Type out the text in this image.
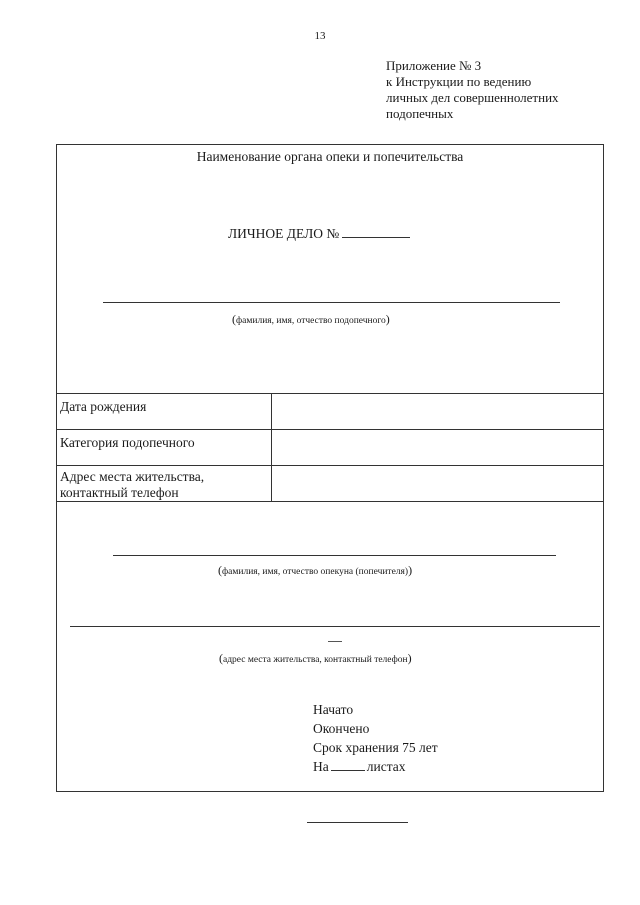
13
Приложение № 3
к Инструкции по ведению
личных дел совершеннолетних
подопечных
Наименование органа опеки и попечительства
ЛИЧНОЕ ДЕЛО №
(фамилия, имя, отчество подопечного)
Дата рождения	
Категория подопечного	

Адрес места жительства,
контактный телефон	

(фамилия, имя, отчество опекуна (попечителя))
(адрес места жительства, контактный телефон)
Начато
Окончено
Срок хранения 75 лет
На	листах
